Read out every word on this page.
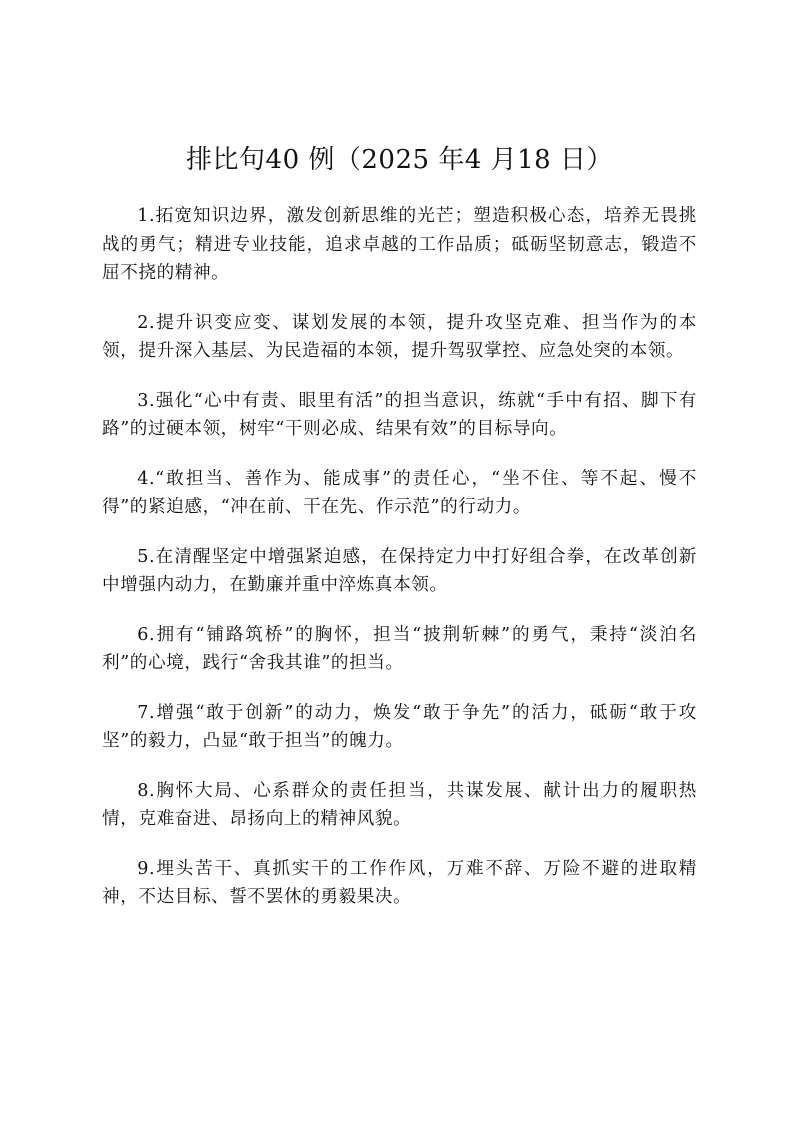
排比句40 例（2025 年4 月18 日）

1.拓宽知识边界，激发创新思维的光芒；塑造积极心态，培养无畏挑战的勇气；精进专业技能，追求卓越的工作品质；砥砺坚韧意志，锻造不屈不挠的精神。

2.提升识变应变、谋划发展的本领，提升攻坚克难、担当作为的本领，提升深入基层、为民造福的本领，提升驾驭掌控、应急处突的本领。

3.强化“心中有责、眼里有活”的担当意识，练就“手中有招、脚下有路”的过硬本领，树牢“干则必成、结果有效”的目标导向。

4.“敢担当、善作为、能成事”的责任心，“坐不住、等不起、慢不得”的紧迫感，“冲在前、干在先、作示范”的行动力。

5.在清醒坚定中增强紧迫感，在保持定力中打好组合拳，在改革创新中增强内动力，在勤廉并重中淬炼真本领。

6.拥有“铺路筑桥”的胸怀，担当“披荆斩棘”的勇气，秉持“淡泊名利”的心境，践行“舍我其谁”的担当。

7.增强“敢于创新”的动力，焕发“敢于争先”的活力，砥砺“敢于攻坚”的毅力，凸显“敢于担当”的魄力。

8.胸怀大局、心系群众的责任担当，共谋发展、献计出力的履职热情，克难奋进、昂扬向上的精神风貌。

9.埋头苦干、真抓实干的工作作风，万难不辞、万险不避的进取精神，不达目标、誓不罢休的勇毅果决。
